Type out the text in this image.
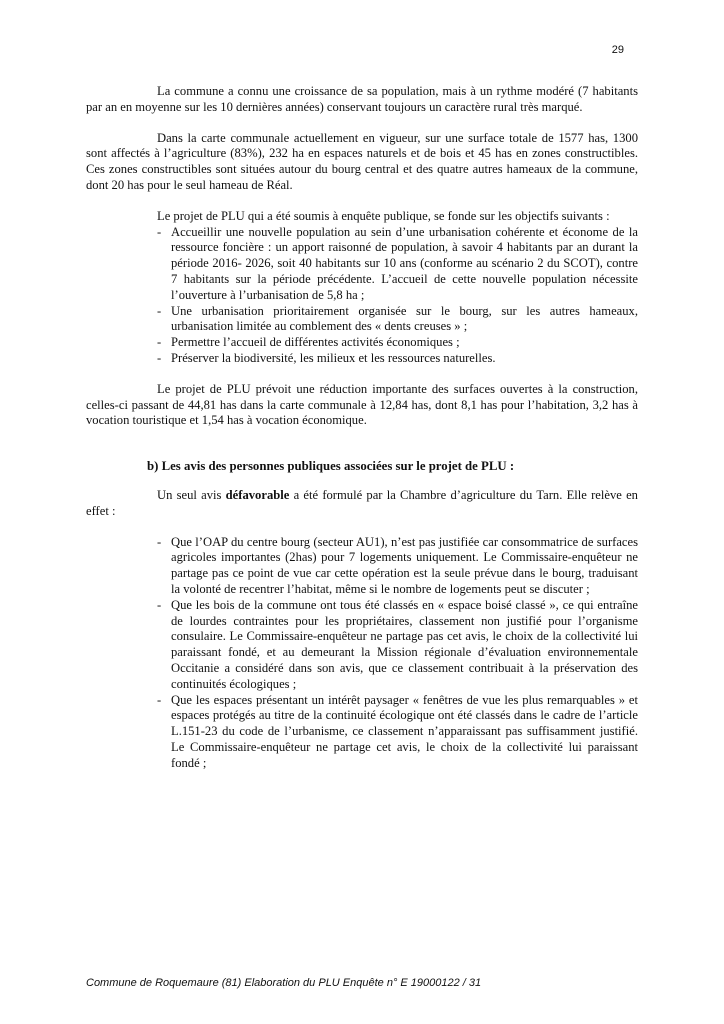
29

La commune a connu une croissance de sa population, mais à un rythme modéré (7 habitants par an en moyenne sur les 10 dernières années) conservant toujours un caractère rural très marqué.

Dans la carte communale actuellement en vigueur, sur une surface totale de 1577 has, 1300 sont affectés à l’agriculture (83%), 232 ha en espaces naturels et de bois et 45 has en zones constructibles. Ces zones constructibles sont situées autour du bourg central et des quatre autres hameaux de la commune, dont 20 has pour le seul hameau de Réal.

Le projet de PLU qui a été soumis à enquête publique, se fonde sur les objectifs suivants :

- Accueillir une nouvelle population au sein d’une urbanisation cohérente et économe de la ressource foncière : un apport raisonné de population, à savoir 4 habitants par an durant la période 2016- 2026, soit 40 habitants sur 10 ans (conforme au scénario 2 du SCOT), contre 7 habitants sur la période précédente. L’accueil de cette nouvelle population nécessite l’ouverture à l’urbanisation de 5,8 ha ;
- Une urbanisation prioritairement organisée sur le bourg, sur les autres hameaux, urbanisation limitée au comblement des « dents creuses » ;
- Permettre l’accueil de différentes activités économiques ;
- Préserver la biodiversité, les milieux et les ressources naturelles.

Le projet de PLU prévoit une réduction importante des surfaces ouvertes à la construction, celles-ci passant de 44,81 has dans la carte communale à 12,84 has, dont 8,1 has pour l’habitation, 3,2 has à vocation touristique et 1,54 has à vocation économique.

b) Les avis des personnes publiques associées sur le projet de PLU :

Un seul avis défavorable a été formulé par la Chambre d’agriculture du Tarn. Elle relève en effet :

- Que l’OAP du centre bourg (secteur AU1), n’est pas justifiée car consommatrice de surfaces agricoles importantes (2has) pour 7 logements uniquement. Le Commissaire-enquêteur ne partage pas ce point de vue car cette opération est la seule prévue dans le bourg, traduisant la volonté de recentrer l’habitat, même si le nombre de logements peut se discuter ;
- Que les bois de la commune ont tous été classés en « espace boisé classé », ce qui entraîne de lourdes contraintes pour les propriétaires, classement non justifié pour l’organisme consulaire. Le Commissaire-enquêteur ne partage pas cet avis, le choix de la collectivité lui paraissant fondé, et au demeurant la Mission régionale d’évaluation environnementale Occitanie a considéré dans son avis, que ce classement contribuait à la préservation des continuités écologiques ;
- Que les espaces présentant un intérêt paysager « fenêtres de vue les plus remarquables » et espaces protégés au titre de la continuité écologique ont été classés dans le cadre de l’article L.151-23 du code de l’urbanisme, ce classement n’apparaissant pas suffisamment justifié. Le Commissaire-enquêteur ne partage cet avis, le choix de la collectivité lui paraissant fondé ;
Commune de Roquemaure (81) Elaboration du PLU Enquête n° E 19000122 / 31
